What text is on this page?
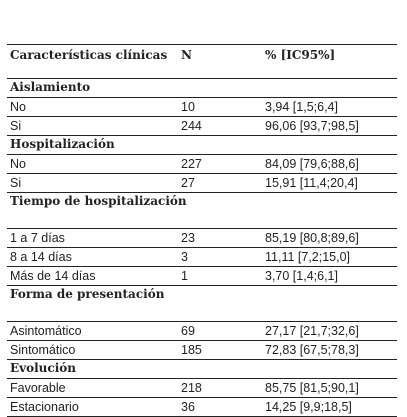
Características clínicas	N	% [IC95%]
Aislamiento		
No	10	3,94 [1,5;6,4]
Si	244	96,06 [93,7;98,5]
Hospitalización		
No	227	84,09 [79,6;88,6]
Si	27	15,91 [11,4;20,4]
Tiempo de hospitalización		
1 a 7 días	23	85,19 [80,8;89,6]
8 a 14 días	3	11,11 [7,2;15,0]
Más de 14 días	1	3,70 [1,4;6,1]
Forma de presentación		
Asintomático	69	27,17 [21,7;32,6]
Sintomático	185	72,83 [67,5;78,3]
Evolución		
Favorable	218	85,75 [81,5;90,1]
Estacionario	36	14,25 [9,9;18,5]
